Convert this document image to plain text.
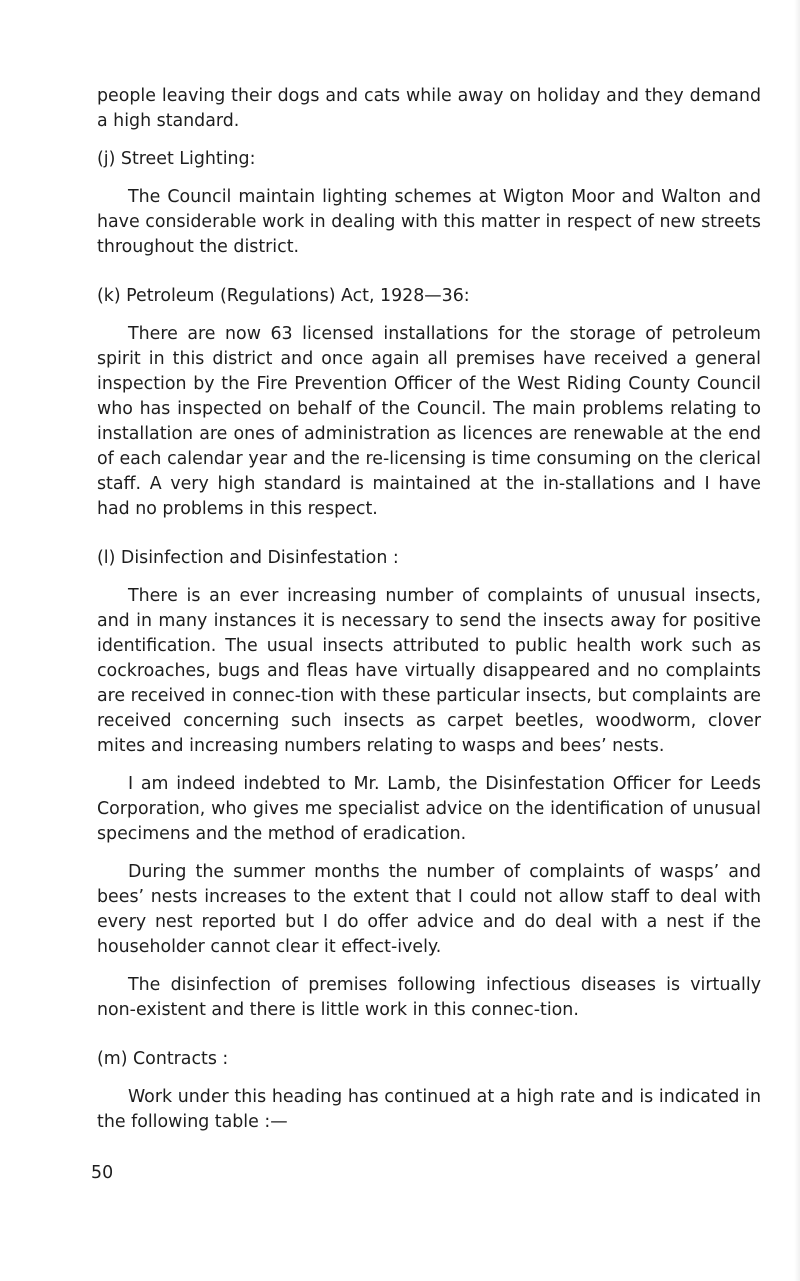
people leaving their dogs and cats while away on holiday and they demand a high standard.

(j) Street Lighting:

The Council maintain lighting schemes at Wigton Moor and Walton and have considerable work in dealing with this matter in respect of new streets throughout the district.

(k) Petroleum (Regulations) Act, 1928—36:

There are now 63 licensed installations for the storage of petroleum spirit in this district and once again all premises have received a general inspection by the Fire Prevention Officer of the West Riding County Council who has inspected on behalf of the Council. The main problems relating to installation are ones of administration as licences are renewable at the end of each calendar year and the re-licensing is time consuming on the clerical staff. A very high standard is maintained at the in-stallations and I have had no problems in this respect.

(l) Disinfection and Disinfestation :

There is an ever increasing number of complaints of unusual insects, and in many instances it is necessary to send the insects away for positive identification. The usual insects attributed to public health work such as cockroaches, bugs and fleas have virtually disappeared and no complaints are received in connec-tion with these particular insects, but complaints are received concerning such insects as carpet beetles, woodworm, clover mites and increasing numbers relating to wasps and bees’ nests.

I am indeed indebted to Mr. Lamb, the Disinfestation Officer for Leeds Corporation, who gives me specialist advice on the identification of unusual specimens and the method of eradication.

During the summer months the number of complaints of wasps’ and bees’ nests increases to the extent that I could not allow staff to deal with every nest reported but I do offer advice and do deal with a nest if the householder cannot clear it effect-ively.

The disinfection of premises following infectious diseases is virtually non-existent and there is little work in this connec-tion.

(m) Contracts :

Work under this heading has continued at a high rate and is indicated in the following table :—

50
